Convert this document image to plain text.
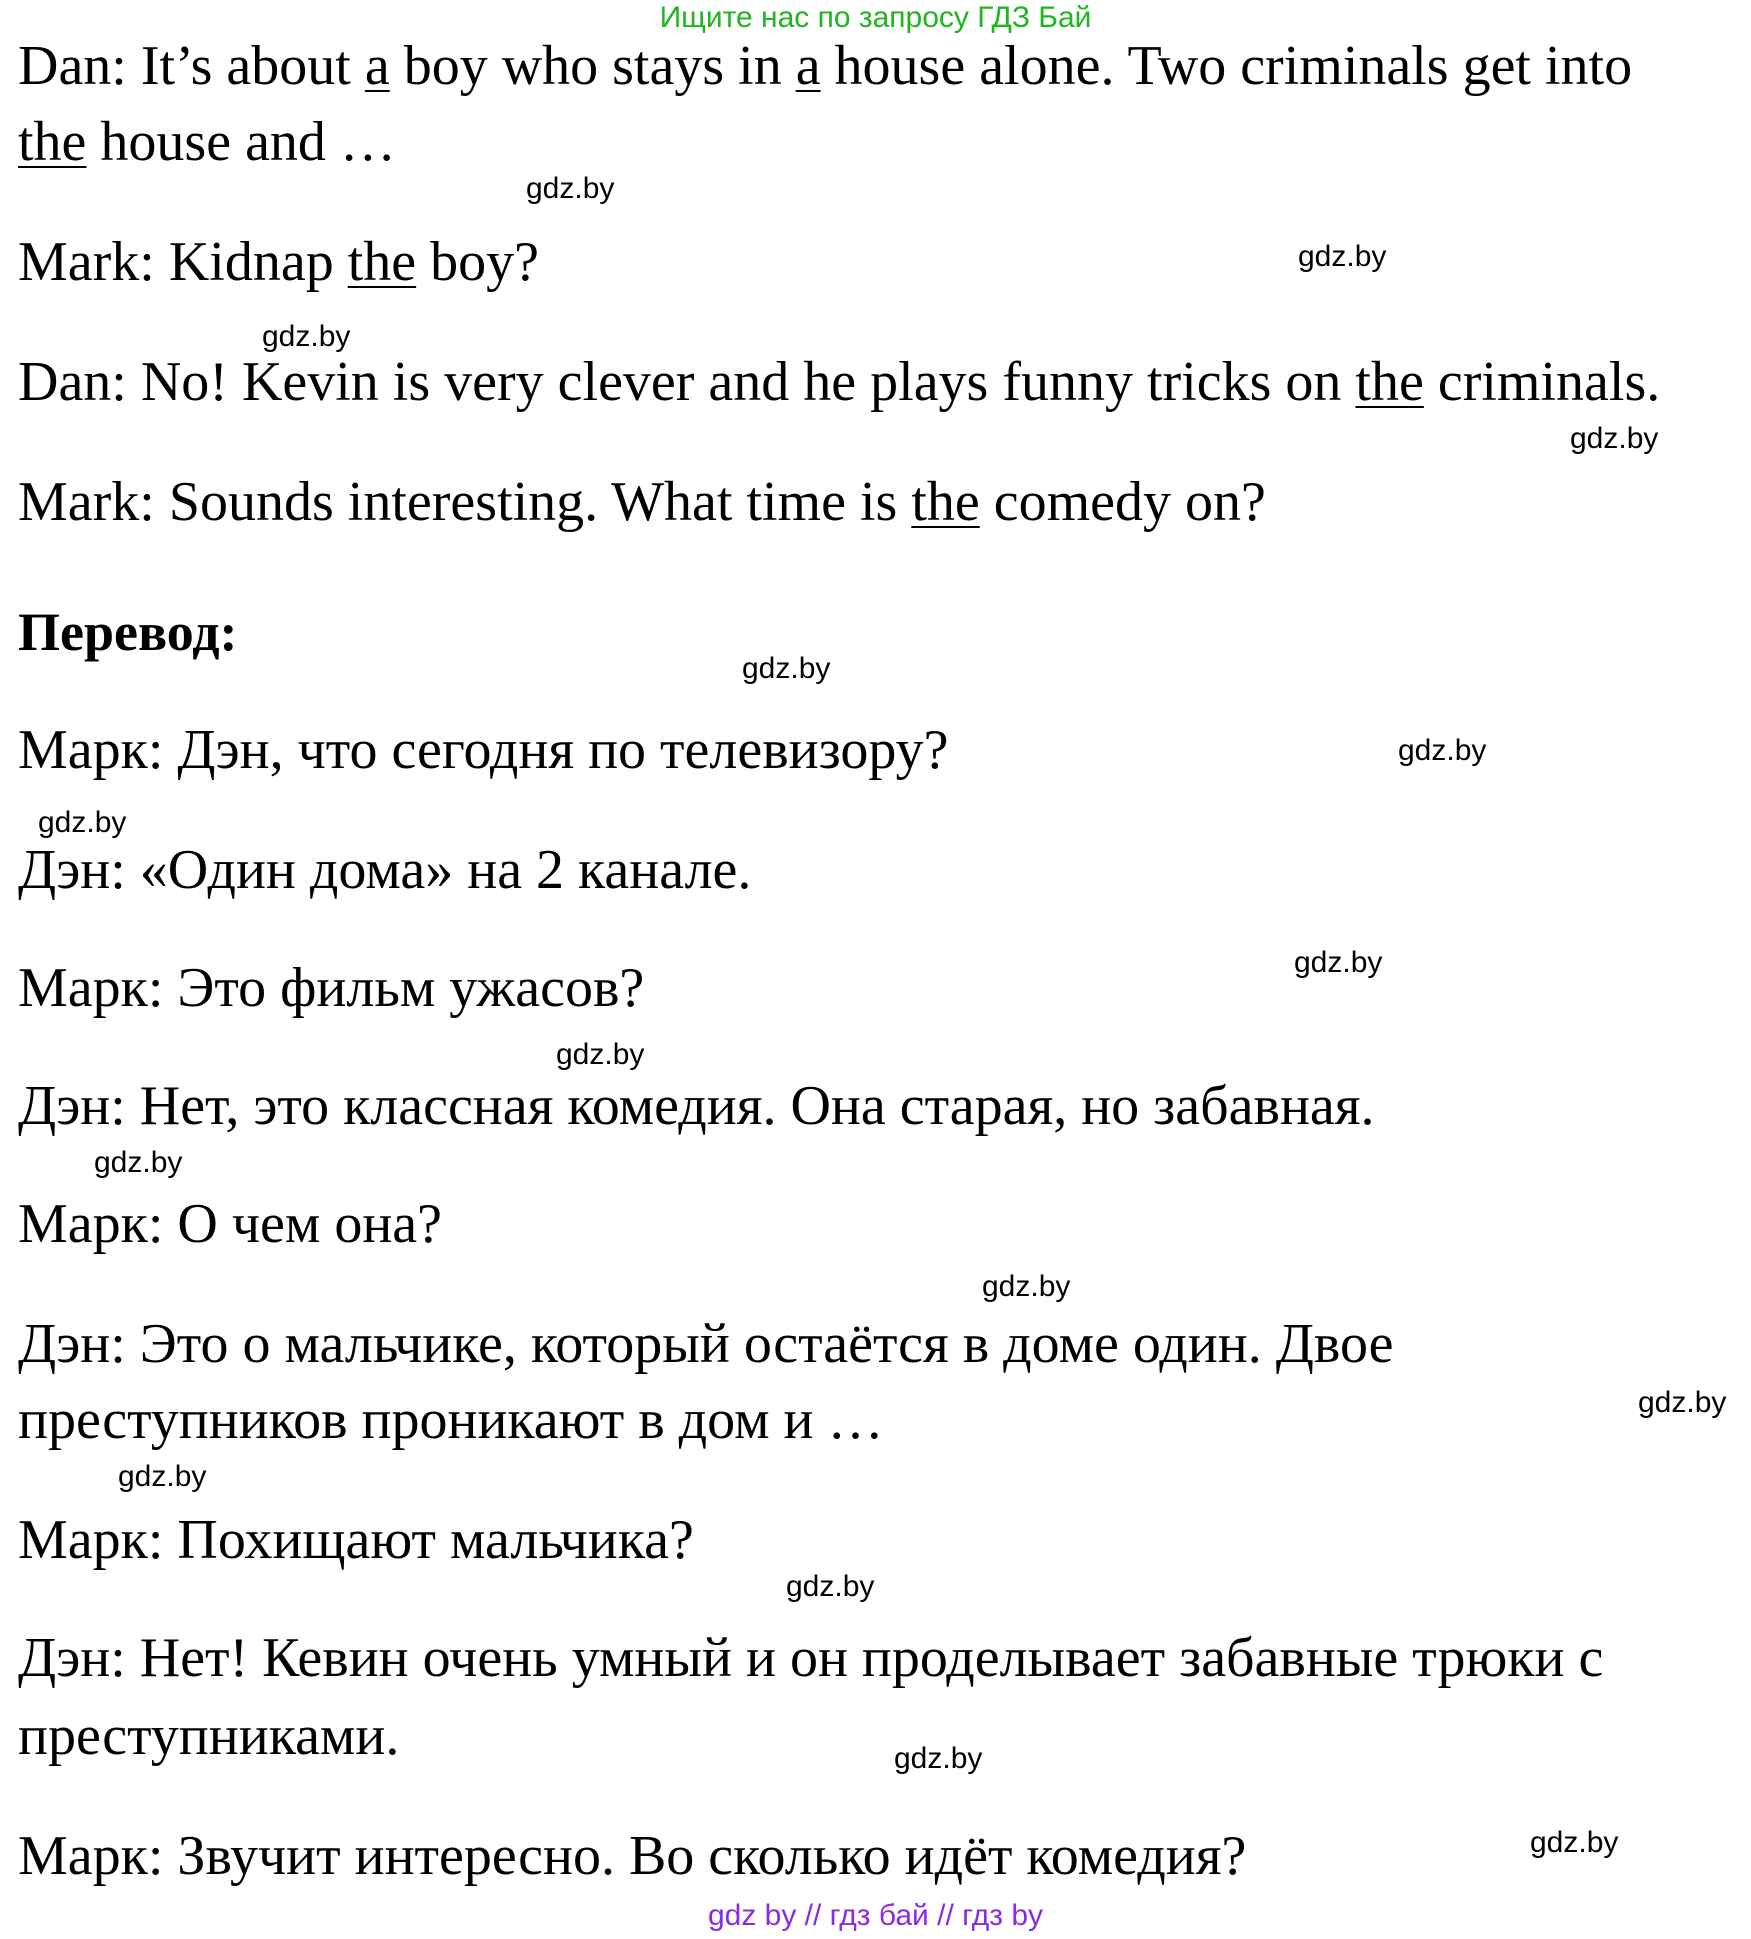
Ищите нас по запросу ГДЗ Бай
Dan: It’s about a boy who stays in a house alone. Two criminals get into
the house and …
Mark: Kidnap the boy?
Dan: No! Kevin is very clever and he plays funny tricks on the criminals.
Mark: Sounds interesting. What time is the comedy on?
Перевод:
Марк: Дэн, что сегодня по телевизору?
Дэн: «Один дома» на 2 канале.
Марк: Это фильм ужасов?
Дэн: Нет, это классная комедия. Она старая, но забавная.
Марк: О чем она?
Дэн: Это о мальчике, который остаётся в доме один. Двое
преступников проникают в дом и …
Марк: Похищают мальчика?
Дэн: Нет! Кевин очень умный и он проделывает забавные трюки с
преступниками.
Марк: Звучит интересно. Во сколько идёт комедия?
gdz.by
gdz.by
gdz.by
gdz.by
gdz.by
gdz.by
gdz.by
gdz.by
gdz.by
gdz.by
gdz.by
gdz.by
gdz.by
gdz.by
gdz.by
gdz.by
gdz by // гдз бай // гдз by
